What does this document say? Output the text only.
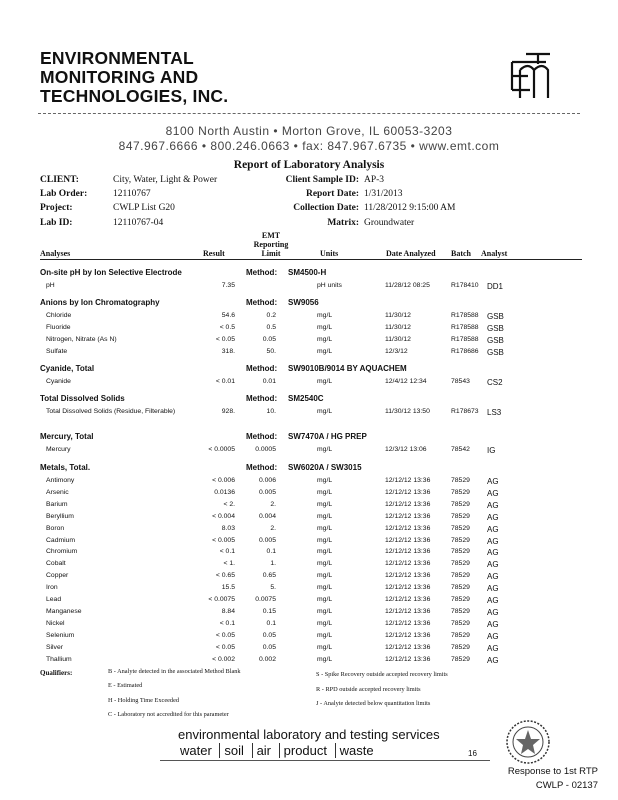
ENVIRONMENTAL
MONITORING AND
TECHNOLOGIES, INC.
8100 North Austin • Morton Grove, IL 60053-3203
847.967.6666 • 800.246.0663 • fax: 847.967.6735 • www.emt.com
Report of Laboratory Analysis
CLIENT:	City, Water, Light & Power
Lab Order:	12110767
Project:	CWLP List G20
Lab ID:	12110767-04
Client Sample ID: AP-3
Report Date: 1/31/2013
Collection Date: 11/28/2012 9:15:00 AM
Matrix: Groundwater
Analyses	Result
EMT
Reporting
Limit	Units	Date Analyzed Batch Analyst
On-site pH by Ion Selective Electrode	Method: SM4500-H
pH	7.35	pH units	11/28/12 08:25	R178410 DD1
Anions by Ion Chromatography	Method: SW9056
Chloride	54.6	0.2	mg/L	11/30/12	R178588 GSB
Fluoride	< 0.5	0.5	mg/L	11/30/12	R178588 GSB
Nitrogen, Nitrate (As N)	< 0.05	0.05	mg/L	11/30/12	R178588 GSB
Sulfate	318.	50.	mg/L	12/3/12	R178686 GSB
Cyanide, Total	Method: SW9010B/9014 BY AQUACHEM
Cyanide	< 0.01	0.01	mg/L	12/4/12 12:34	78543 CS2
Total Dissolved Solids	Method: SM2540C
Total Dissolved Solids (Residue, Filterable)	928.	10.	mg/L	11/30/12 13:50	R178673 LS3
Mercury, Total	Method: SW7470A / HG PREP
Mercury	< 0.0005	0.0005	mg/L	12/3/12 13:06	78542 IG
Metals, Total.	Method: SW6020A / SW3015
Antimony	< 0.006	0.006	mg/L	12/12/12 13:36	78529 AG
Arsenic	0.0136	0.005	mg/L	12/12/12 13:36	78529 AG
Barium	< 2.	2.	mg/L	12/12/12 13:36	78529 AG
Beryllium	< 0.004	0.004	mg/L	12/12/12 13:36	78529 AG
Boron	8.03	2.	mg/L	12/12/12 13:36	78529 AG
Cadmium	< 0.005	0.005	mg/L	12/12/12 13:36	78529 AG
Chromium	< 0.1	0.1	mg/L	12/12/12 13:36	78529 AG
Cobalt	< 1.	1.	mg/L	12/12/12 13:36	78529 AG
Copper	< 0.65	0.65	mg/L	12/12/12 13:36	78529 AG
Iron	15.5	5.	mg/L	12/12/12 13:36	78529 AG
Lead	< 0.0075	0.0075	mg/L	12/12/12 13:36	78529 AG
Manganese	8.84	0.15	mg/L	12/12/12 13:36	78529 AG
Nickel	< 0.1	0.1	mg/L	12/12/12 13:36	78529 AG
Selenium	< 0.05	0.05	mg/L	12/12/12 13:36	78529 AG
Silver	< 0.05	0.05	mg/L	12/12/12 13:36	78529 AG
Thallium	< 0.002	0.002	mg/L	12/12/12 13:36	78529 AG
Qualifiers:	B - Analyte detected in the associated Method Blank
E - Estimated
H - Holding Time Exceeded
C - Laboratory not accredited for this parameter
S - Spike Recovery outside accepted recovery limits
R - RPD outside accepted recovery limits
J - Analyte detected below quantitation limits
environmental laboratory and testing services
water soil air product waste	16
Response to 1st RTP
CWLP - 02137
